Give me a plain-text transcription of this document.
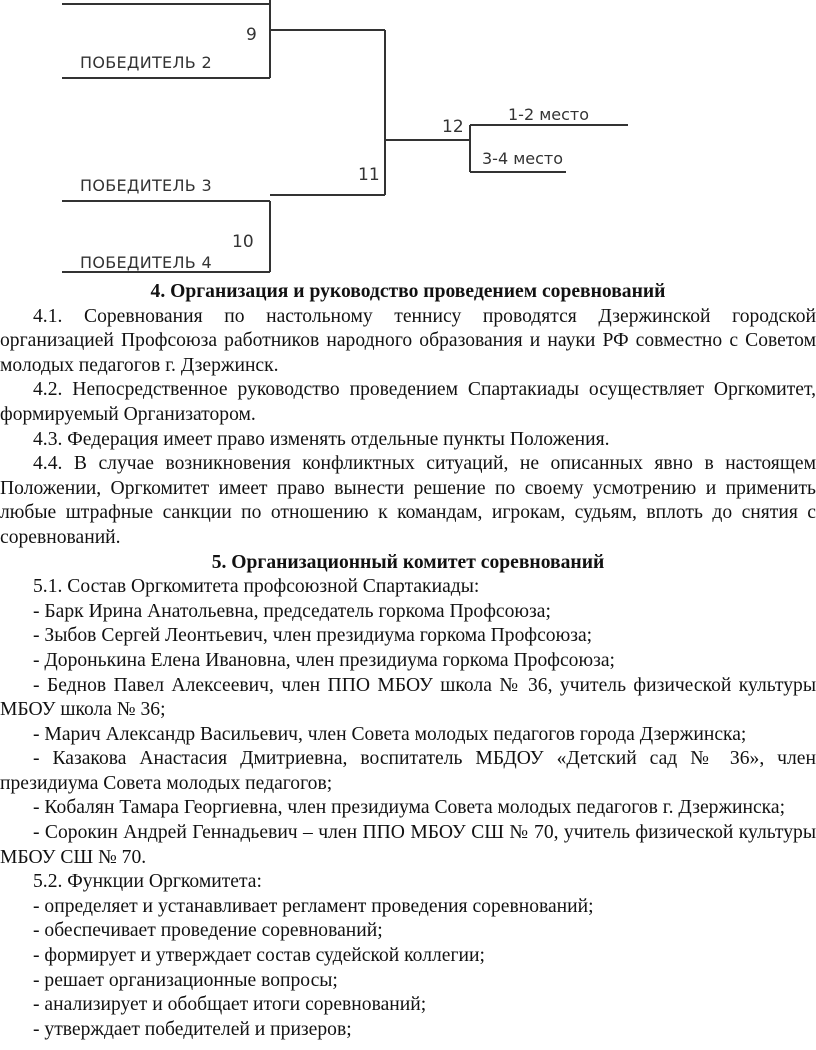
ПОБЕДИТЕЛЬ 2
ПОБЕДИТЕЛЬ 3
ПОБЕДИТЕЛЬ 4
9
10
11
12
1-2 место
3-4 место

4. Организация и руководство проведением соревнований

4.1. Соревнования по настольному теннису проводятся Дзержинской городской организацией Профсоюза работников народного образования и науки РФ совместно с Советом молодых педагогов г. Дзержинск.

4.2. Непосредственное руководство проведением Спартакиады осуществляет Оргкомитет, формируемый Организатором.

4.3. Федерация имеет право изменять отдельные пункты Положения.

4.4. В случае возникновения конфликтных ситуаций, не описанных явно в настоящем Положении, Оргкомитет имеет право вынести решение по своему усмотрению и применить любые штрафные санкции по отношению к командам, игрокам, судьям, вплоть до снятия с соревнований.

5. Организационный комитет соревнований

5.1. Состав Оргкомитета профсоюзной Спартакиады:

- Барк Ирина Анатольевна, председатель горкома Профсоюза;

- Зыбов Сергей Леонтьевич, член президиума горкома Профсоюза;

- Доронькина Елена Ивановна, член президиума горкома Профсоюза;

- Беднов Павел Алексеевич, член ППО МБОУ школа № 36, учитель физической культуры МБОУ школа № 36;

- Марич Александр Васильевич, член Совета молодых педагогов города Дзержинска;

- Казакова Анастасия Дмитриевна, воспитатель МБДОУ «Детский сад № 36», член президиума Совета молодых педагогов;

- Кобалян Тамара Георгиевна, член президиума Совета молодых педагогов г. Дзержинска;

- Сорокин Андрей Геннадьевич – член ППО МБОУ СШ № 70, учитель физической культуры МБОУ СШ № 70.

5.2. Функции Оргкомитета:

- определяет и устанавливает регламент проведения соревнований;

- обеспечивает проведение соревнований;

- формирует и утверждает состав судейской коллегии;

- решает организационные вопросы;

- анализирует и обобщает итоги соревнований;

- утверждает победителей и призеров;
